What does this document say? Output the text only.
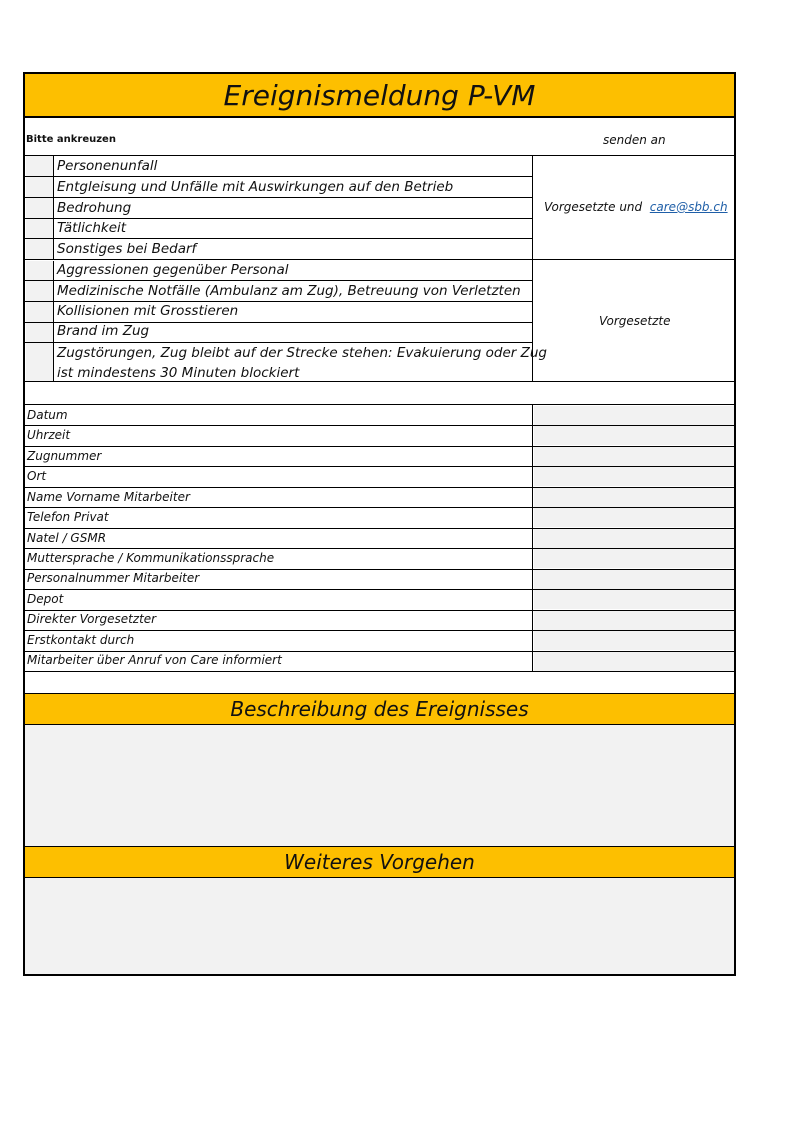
Ereignismeldung P-VM
Bitte ankreuzen	senden an
Personenunfall
Entgleisung und Unfälle mit Auswirkungen auf den Betrieb
Bedrohung
Tätlichkeit
Sonstiges bei Bedarf
Vorgesetzte und care@sbb.ch
Aggressionen gegenüber Personal
Medizinische Notfälle (Ambulanz am Zug), Betreuung von Verletzten
Kollisionen mit Grosstieren
Brand im Zug
Zugstörungen, Zug bleibt auf der Strecke stehen: Evakuierung oder Zug
ist mindestens 30 Minuten blockiert
Vorgesetzte
Datum
Uhrzeit
Zugnummer
Ort
Name Vorname Mitarbeiter
Telefon Privat
Natel / GSMR
Muttersprache / Kommunikationssprache
Personalnummer Mitarbeiter
Depot
Direkter Vorgesetzter
Erstkontakt durch
Mitarbeiter über Anruf von Care informiert
Beschreibung des Ereignisses
Weiteres Vorgehen
